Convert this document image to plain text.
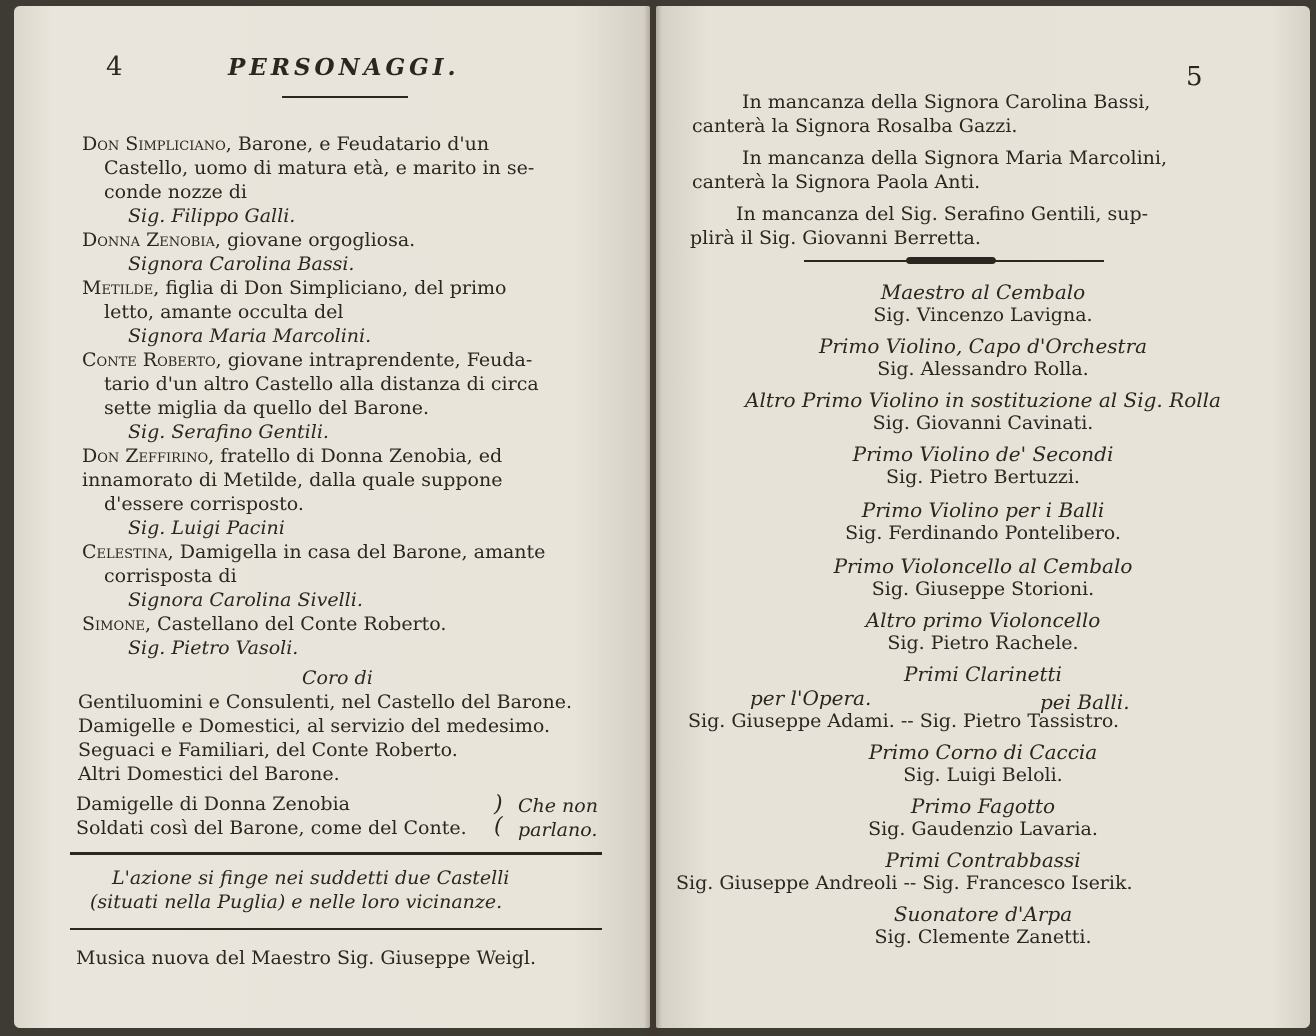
4	PERSONAGGI.
Don Simpliciano, Barone, e Feudatario d'un
Castello, uomo di matura età, e marito in se-
conde nozze di
Sig. Filippo Galli.
Donna Zenobia, giovane orgogliosa.
Signora Carolina Bassi.
Metilde, figlia di Don Simpliciano, del primo
letto, amante occulta del
Signora Maria Marcolini.
Conte Roberto, giovane intraprendente, Feuda-
tario d'un altro Castello alla distanza di circa
sette miglia da quello del Barone.
Sig. Serafino Gentili.
Don Zeffirino, fratello di Donna Zenobia, ed
innamorato di Metilde, dalla quale suppone
d'essere corrisposto.
Sig. Luigi Pacini
Celestina, Damigella in casa del Barone, amante
corrisposta di
Signora Carolina Sivelli.
Simone, Castellano del Conte Roberto.
Sig. Pietro Vasoli.
Coro di
Gentiluomini e Consulenti, nel Castello del Barone.
Damigelle e Domestici, al servizio del medesimo.
Seguaci e Familiari, del Conte Roberto.
Altri Domestici del Barone.
Damigelle di Donna Zenobia
Soldati così del Barone, come del Conte.
)
(
Che non
parlano.
L'azione si finge nei suddetti due Castelli
(situati nella Puglia) e nelle loro vicinanze.
Musica nuova del Maestro Sig. Giuseppe Weigl.
5
In mancanza della Signora Carolina Bassi,
canterà la Signora Rosalba Gazzi.
In mancanza della Signora Maria Marcolini,
canterà la Signora Paola Anti.
In mancanza del Sig. Serafino Gentili, sup-
plirà il Sig. Giovanni Berretta.
Maestro al Cembalo
Sig. Vincenzo Lavigna.
Primo Violino, Capo d'Orchestra
Sig. Alessandro Rolla.
Altro Primo Violino in sostituzione al Sig. Rolla
Sig. Giovanni Cavinati.
Primo Violino de' Secondi
Sig. Pietro Bertuzzi.
Primo Violino per i Balli
Sig. Ferdinando Pontelibero.
Primo Violoncello al Cembalo
Sig. Giuseppe Storioni.
Altro primo Violoncello
Sig. Pietro Rachele.
Primi Clarinetti
per l'Opera.	pei Balli.
Sig. Giuseppe Adami. -- Sig. Pietro Tassistro.
Primo Corno di Caccia
Sig. Luigi Beloli.
Primo Fagotto
Sig. Gaudenzio Lavaria.
Primi Contrabbassi
Sig. Giuseppe Andreoli -- Sig. Francesco Iserik.
Suonatore d'Arpa
Sig. Clemente Zanetti.
